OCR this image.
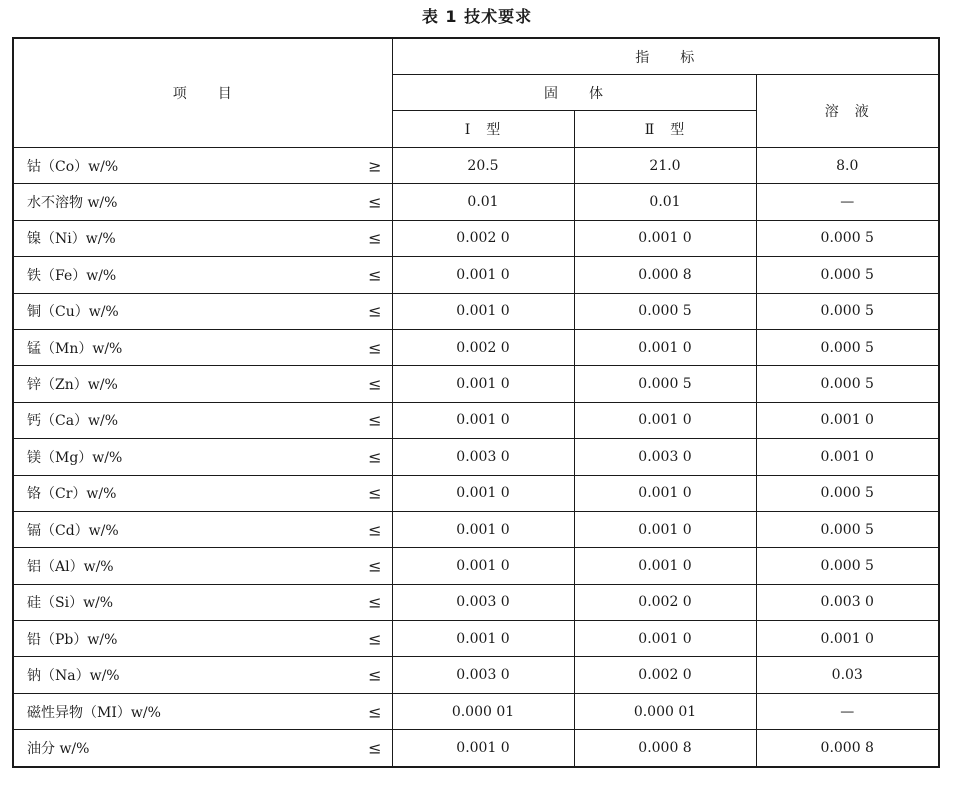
表 1 技术要求
项　　目	指　　标		
	固　　体		溶　液
	Ⅰ　型	Ⅱ　型	

钴（Co）w/% ≥	20.5	21.0	8.0

水不溶物 w/% ≤	0.01	0.01	—

镍（Ni）w/% ≤	0.002 0	0.001 0	0.000 5

铁（Fe）w/% ≤	0.001 0	0.000 8	0.000 5

铜（Cu）w/% ≤	0.001 0	0.000 5	0.000 5

锰（Mn）w/% ≤	0.002 0	0.001 0	0.000 5

锌（Zn）w/% ≤	0.001 0	0.000 5	0.000 5

钙（Ca）w/% ≤	0.001 0	0.001 0	0.001 0

镁（Mg）w/% ≤	0.003 0	0.003 0	0.001 0

铬（Cr）w/% ≤	0.001 0	0.001 0	0.000 5

镉（Cd）w/% ≤	0.001 0	0.001 0	0.000 5

铝（Al）w/% ≤	0.001 0	0.001 0	0.000 5

硅（Si）w/% ≤	0.003 0	0.002 0	0.003 0

铅（Pb）w/% ≤	0.001 0	0.001 0	0.001 0

钠（Na）w/% ≤	0.003 0	0.002 0	0.03

磁性异物（MI）w/% ≤	0.000 01	0.000 01	—

油分 w/% ≤	0.001 0	0.000 8	0.000 8
